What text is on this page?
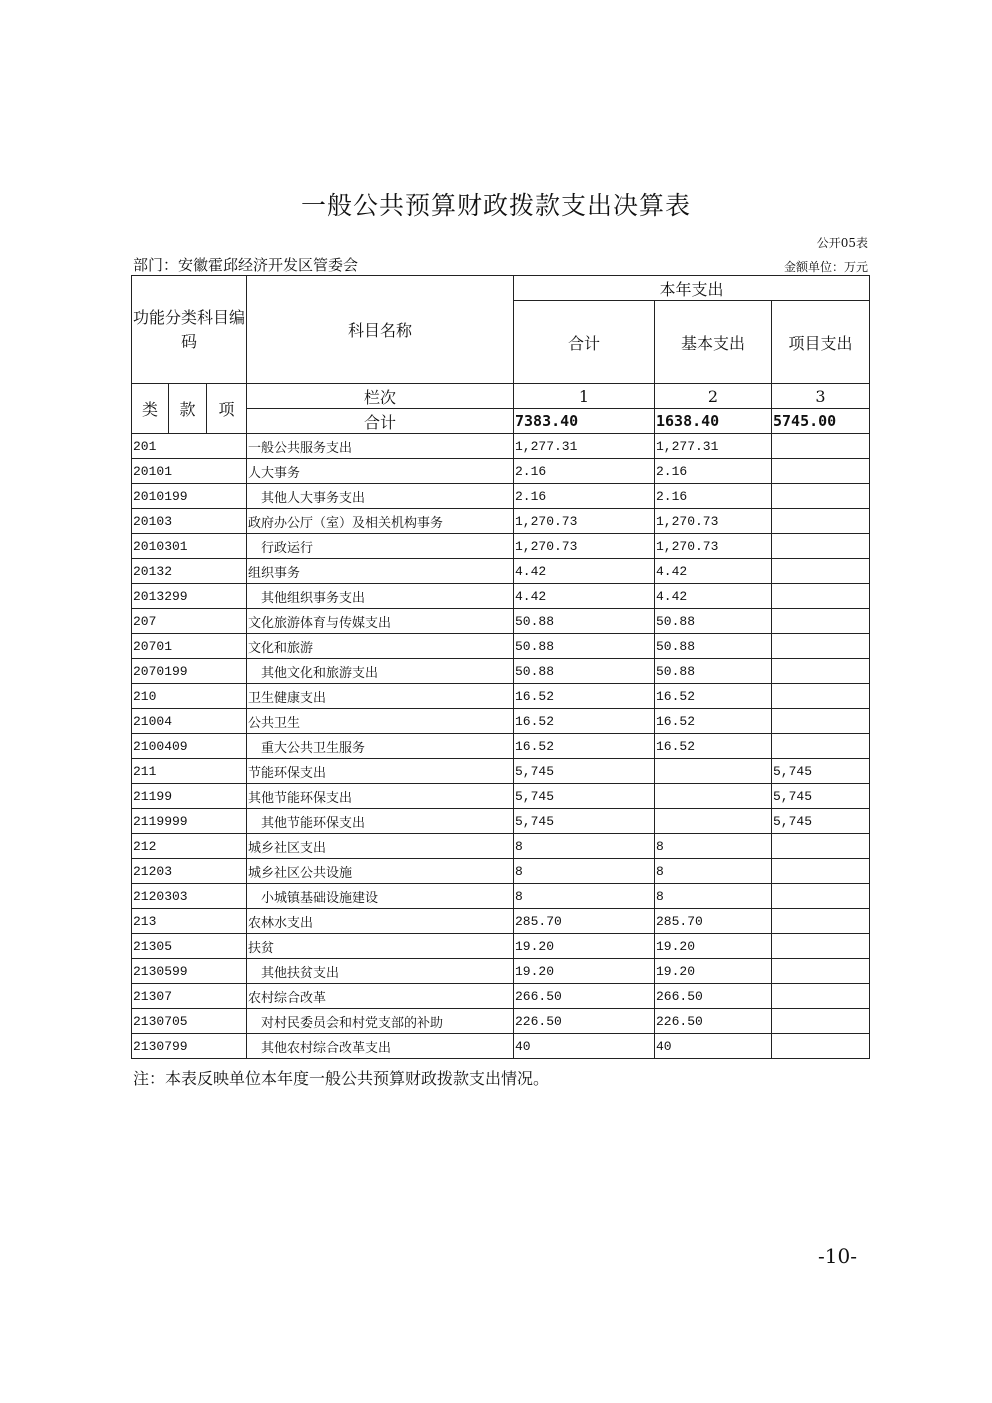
一般公共预算财政拨款支出决算表
公开05表
部门：安徽霍邱经济开发区管委会	金额单位：万元
功能分类科目编码			科目名称	本年支出		
				合计	基本支出	项目支出
类	款	项	栏次	1	2	3
			合计	7383.40	1638.40	5745.00
201			一般公共服务支出	1,277.31	1,277.31	
20101			人大事务	2.16	2.16	
2010199			其他人大事务支出	2.16	2.16	
20103			政府办公厅（室）及相关机构事务	1,270.73	1,270.73	
2010301			行政运行	1,270.73	1,270.73	
20132			组织事务	4.42	4.42	
2013299			其他组织事务支出	4.42	4.42	
207			文化旅游体育与传媒支出	50.88	50.88	
20701			文化和旅游	50.88	50.88	
2070199			其他文化和旅游支出	50.88	50.88	
210			卫生健康支出	16.52	16.52	
21004			公共卫生	16.52	16.52	
2100409			重大公共卫生服务	16.52	16.52	
211			节能环保支出	5,745		5,745
21199			其他节能环保支出	5,745		5,745
2119999			其他节能环保支出	5,745		5,745
212			城乡社区支出	8	8	
21203			城乡社区公共设施	8	8	
2120303			小城镇基础设施建设	8	8	
213			农林水支出	285.70	285.70	
21305			扶贫	19.20	19.20	
2130599			其他扶贫支出	19.20	19.20	
21307			农村综合改革	266.50	266.50	
2130705			对村民委员会和村党支部的补助	226.50	226.50	
2130799			其他农村综合改革支出	40	40	
注：本表反映单位本年度一般公共预算财政拨款支出情况。
-10-
